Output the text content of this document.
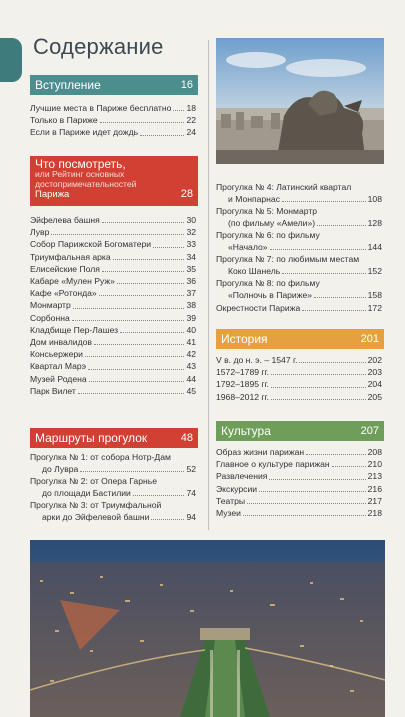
Содержание
Вступление	16
Лучшие места в Париже бесплатно 18
Только в Париже	22
Если в Париже идет дождь	24
Что посмотреть,
или Рейтинг основных
достопримечательностей
Парижа	28
Эйфелева башня	30
Лувр	32
Собор Парижской Богоматери	33
Триумфальная арка	34
Елисейские Поля	35
Кабаре «Мулен Руж»	36
Кафе «Ротонда»	37
Монмартр	38
Сорбонна	39
Кладбище Пер-Лашез	40
Дом инвалидов	41
Консьержери	42
Квартал Марэ	43
Музей Родена	44
Парк Вилет	45
Маршруты прогулок	48
Прогулка № 1: от собора Нотр-Дам
до Лувра	52
Прогулка № 2: от Опера Гарнье
до площади Бастилии	74
Прогулка № 3: от Триумфальной
арки до Эйфелевой башни	94
Прогулка № 4: Латинский квартал
и Монпарнас	108
Прогулка № 5: Монмартр
(по фильму «Амели»)	128
Прогулка № 6: по фильму
«Начало»	144
Прогулка № 7: по любимым местам
Коко Шанель	152
Прогулка № 8: по фильму
«Полночь в Париже»	158
Окрестности Парижа	172
История	201
V в. до н. э. – 1547 г.	202
1572–1789 гг.	203
1792–1895 гг.	204
1968–2012 гг.	205
Культура	207
Образ жизни парижан	208
Главное о культуре парижан	210
Развлечения	213
Экскурсии	216
Театры	217
Музеи	218
